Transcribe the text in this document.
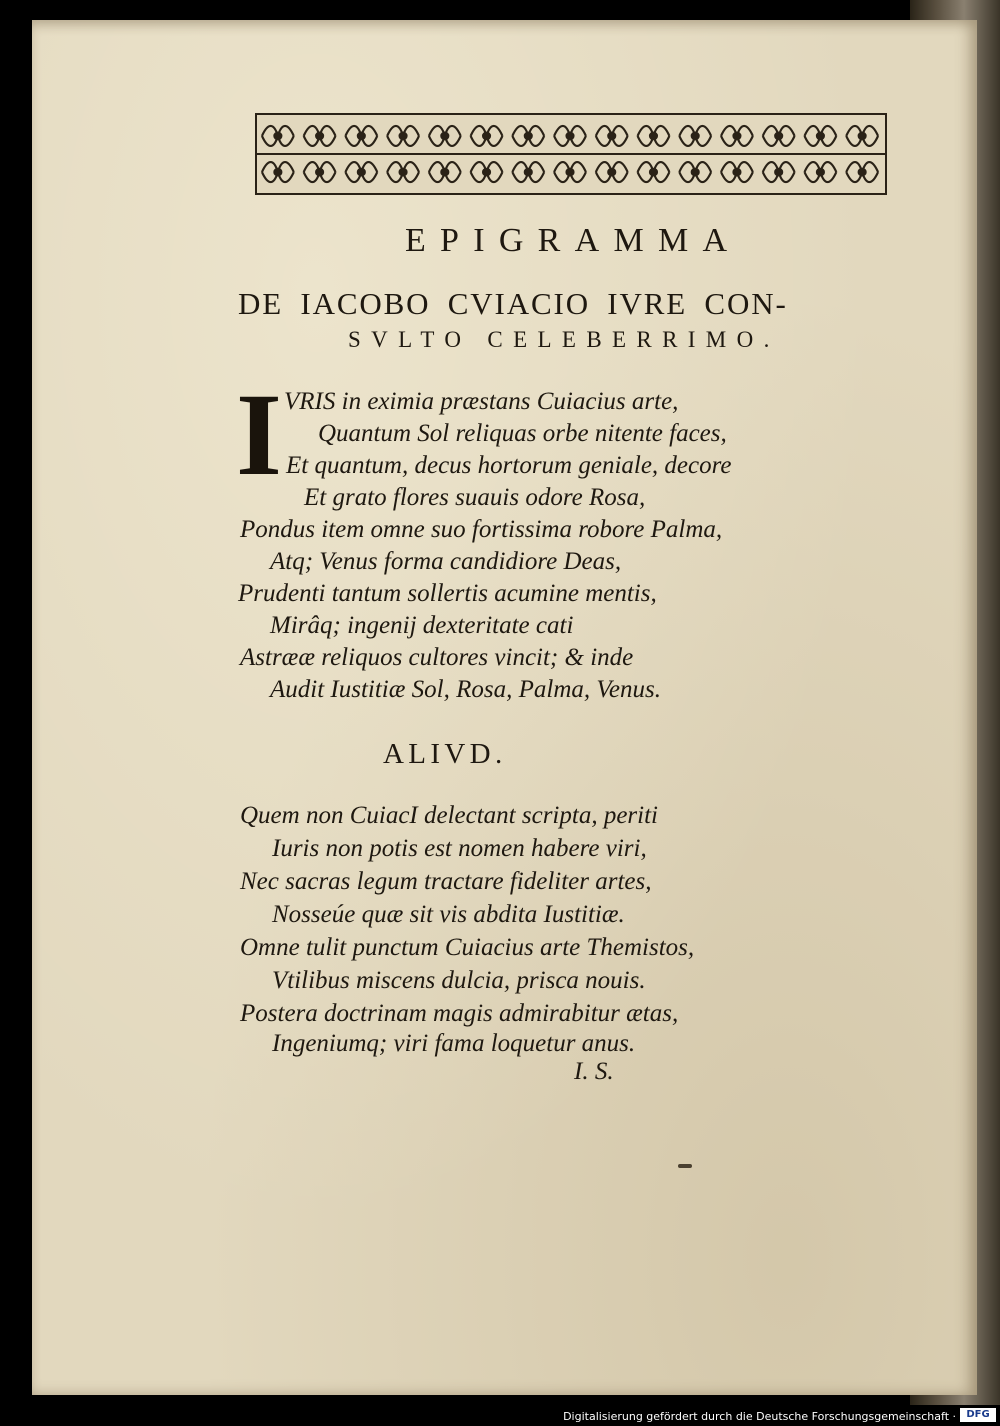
EPIGRAMMA
DE IACOBO CVIACIO IVRE CON-
SVLTO CELEBERRIMO.
I VRIS in eximia præstans Cuiacius arte,
Quantum Sol reliquas orbe nitente faces,
Et quantum, decus hortorum geniale, decore
Et grato flores suauis odore Rosa,
Pondus item omne suo fortissima robore Palma,
Atq; Venus forma candidiore Deas,
Prudenti tantum sollertis acumine mentis,
Mirâq; ingenij dexteritate cati
Astrææ reliquos cultores vincit; & inde
Audit Iustitiæ Sol, Rosa, Palma, Venus.
ALIVD.
Quem non CuiacI delectant scripta, periti
Iuris non potis est nomen habere viri,
Nec sacras legum tractare fideliter artes,
Nosseúe quæ sit vis abdita Iustitiæ.
Omne tulit punctum Cuiacius arte Themistos,
Vtilibus miscens dulcia, prisca nouis.
Postera doctrinam magis admirabitur ætas,
Ingeniumq; viri fama loquetur anus.
I. S.
Digitalisierung gefördert durch die Deutsche Forschungsgemeinschaft ·	DFG
